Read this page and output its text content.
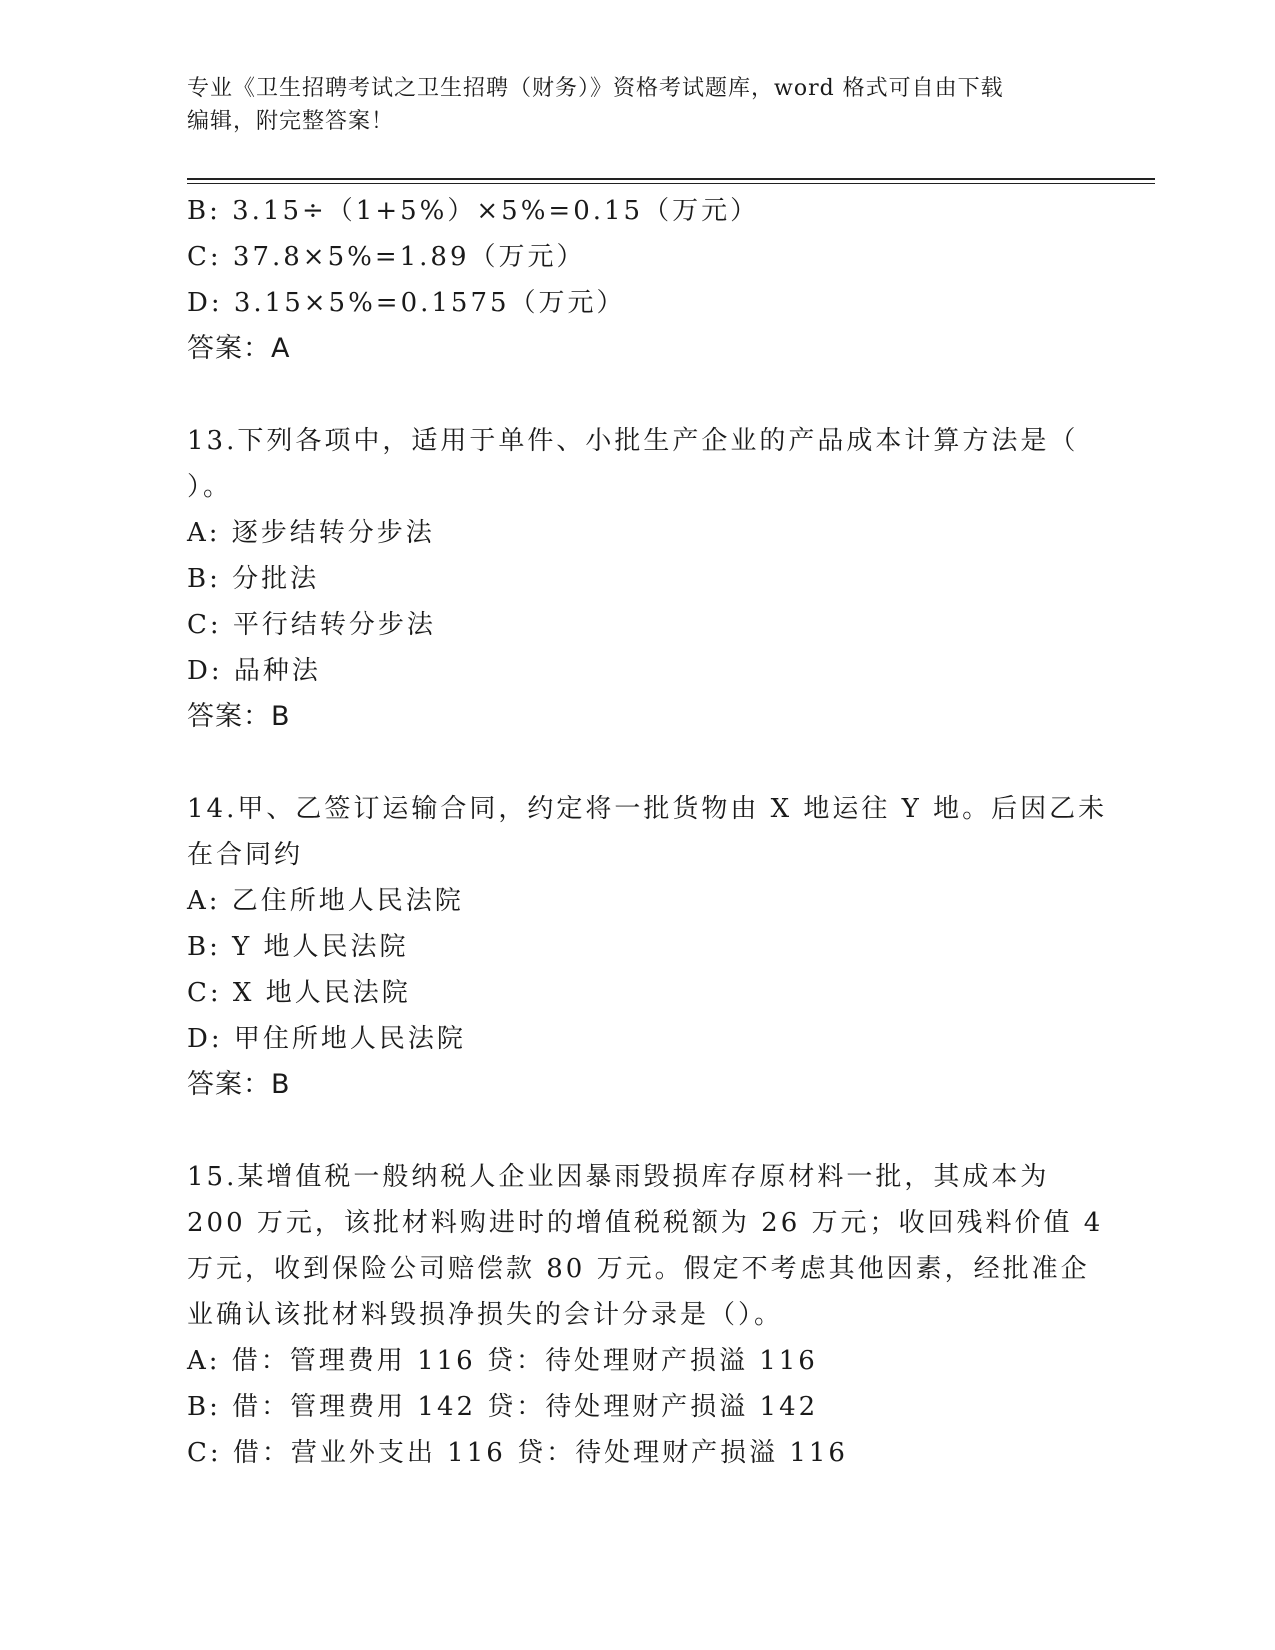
专业《卫生招聘考试之卫生招聘（财务）》资格考试题库，word 格式可自由下载
编辑，附完整答案！
B: 3.15÷（1+5%）×5%=0.15（万元）
C: 37.8×5%=1.89（万元）
D: 3.15×5%=0.1575（万元）
答案：A
13.下列各项中，适用于单件、小批生产企业的产品成本计算方法是（
）。
A: 逐步结转分步法
B: 分批法
C: 平行结转分步法
D: 品种法
答案：B
14.甲、乙签订运输合同，约定将一批货物由 X 地运往 Y 地。后因乙未
在合同约
A: 乙住所地人民法院
B: Y 地人民法院
C: X 地人民法院
D: 甲住所地人民法院
答案：B
15.某增值税一般纳税人企业因暴雨毁损库存原材料一批，其成本为
200 万元，该批材料购进时的增值税税额为 26 万元；收回残料价值 4
万元，收到保险公司赔偿款 80 万元。假定不考虑其他因素，经批准企
业确认该批材料毁损净损失的会计分录是（）。
A: 借：管理费用 116 贷：待处理财产损溢 116
B: 借：管理费用 142 贷：待处理财产损溢 142
C: 借：营业外支出 116 贷：待处理财产损溢 116
